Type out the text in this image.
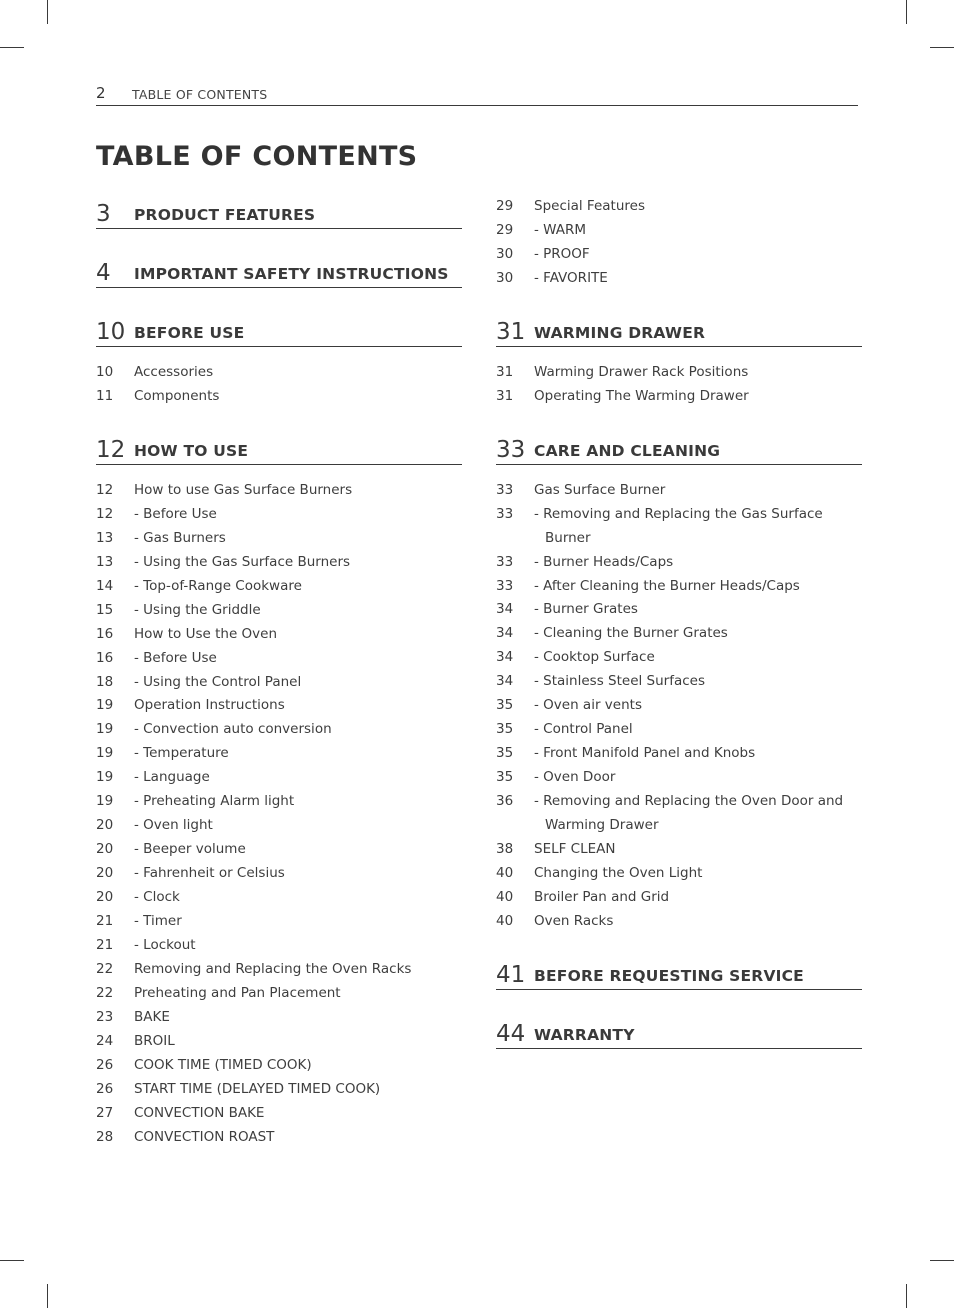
2 TABLE OF CONTENTS
TABLE OF CONTENTS
3 PRODUCT FEATURES
4 IMPORTANT SAFETY INSTRUCTIONS
10 BEFORE USE
10	Accessories
11	Components
12 HOW TO USE
12	How to use Gas Surface Burners
12	- Before Use
13	- Gas Burners
13	- Using the Gas Surface Burners
14	- Top-of-Range Cookware
15	- Using the Griddle
16	How to Use the Oven
16	- Before Use
18	- Using the Control Panel
19	Operation Instructions
19	- Convection auto conversion
19	- Temperature
19	- Language
19	- Preheating Alarm light
20	- Oven light
20	- Beeper volume
20	- Fahrenheit or Celsius
20	- Clock
21	- Timer
21	- Lockout
22	Removing and Replacing the Oven Racks
22	Preheating and Pan Placement
23	BAKE
24	BROIL
26	COOK TIME (TIMED COOK)
26	START TIME (DELAYED TIMED COOK)
27	CONVECTION BAKE
28	CONVECTION ROAST
29	Special Features
29	- WARM
30	- PROOF
30	- FAVORITE
31 WARMING DRAWER
31	Warming Drawer Rack Positions
31	Operating The Warming Drawer
33 CARE AND CLEANING
33	Gas Surface Burner
33	- Removing and Replacing the Gas Surface Burner
33	- Burner Heads/Caps
33	- After Cleaning the Burner Heads/Caps
34	- Burner Grates
34	- Cleaning the Burner Grates
34	- Cooktop Surface
34	- Stainless Steel Surfaces
35	- Oven air vents
35	- Control Panel
35	- Front Manifold Panel and Knobs
35	- Oven Door
36	- Removing and Replacing the Oven Door and Warming Drawer
38	SELF CLEAN
40	Changing the Oven Light
40	Broiler Pan and Grid
40	Oven Racks
41 BEFORE REQUESTING SERVICE
44 WARRANTY
